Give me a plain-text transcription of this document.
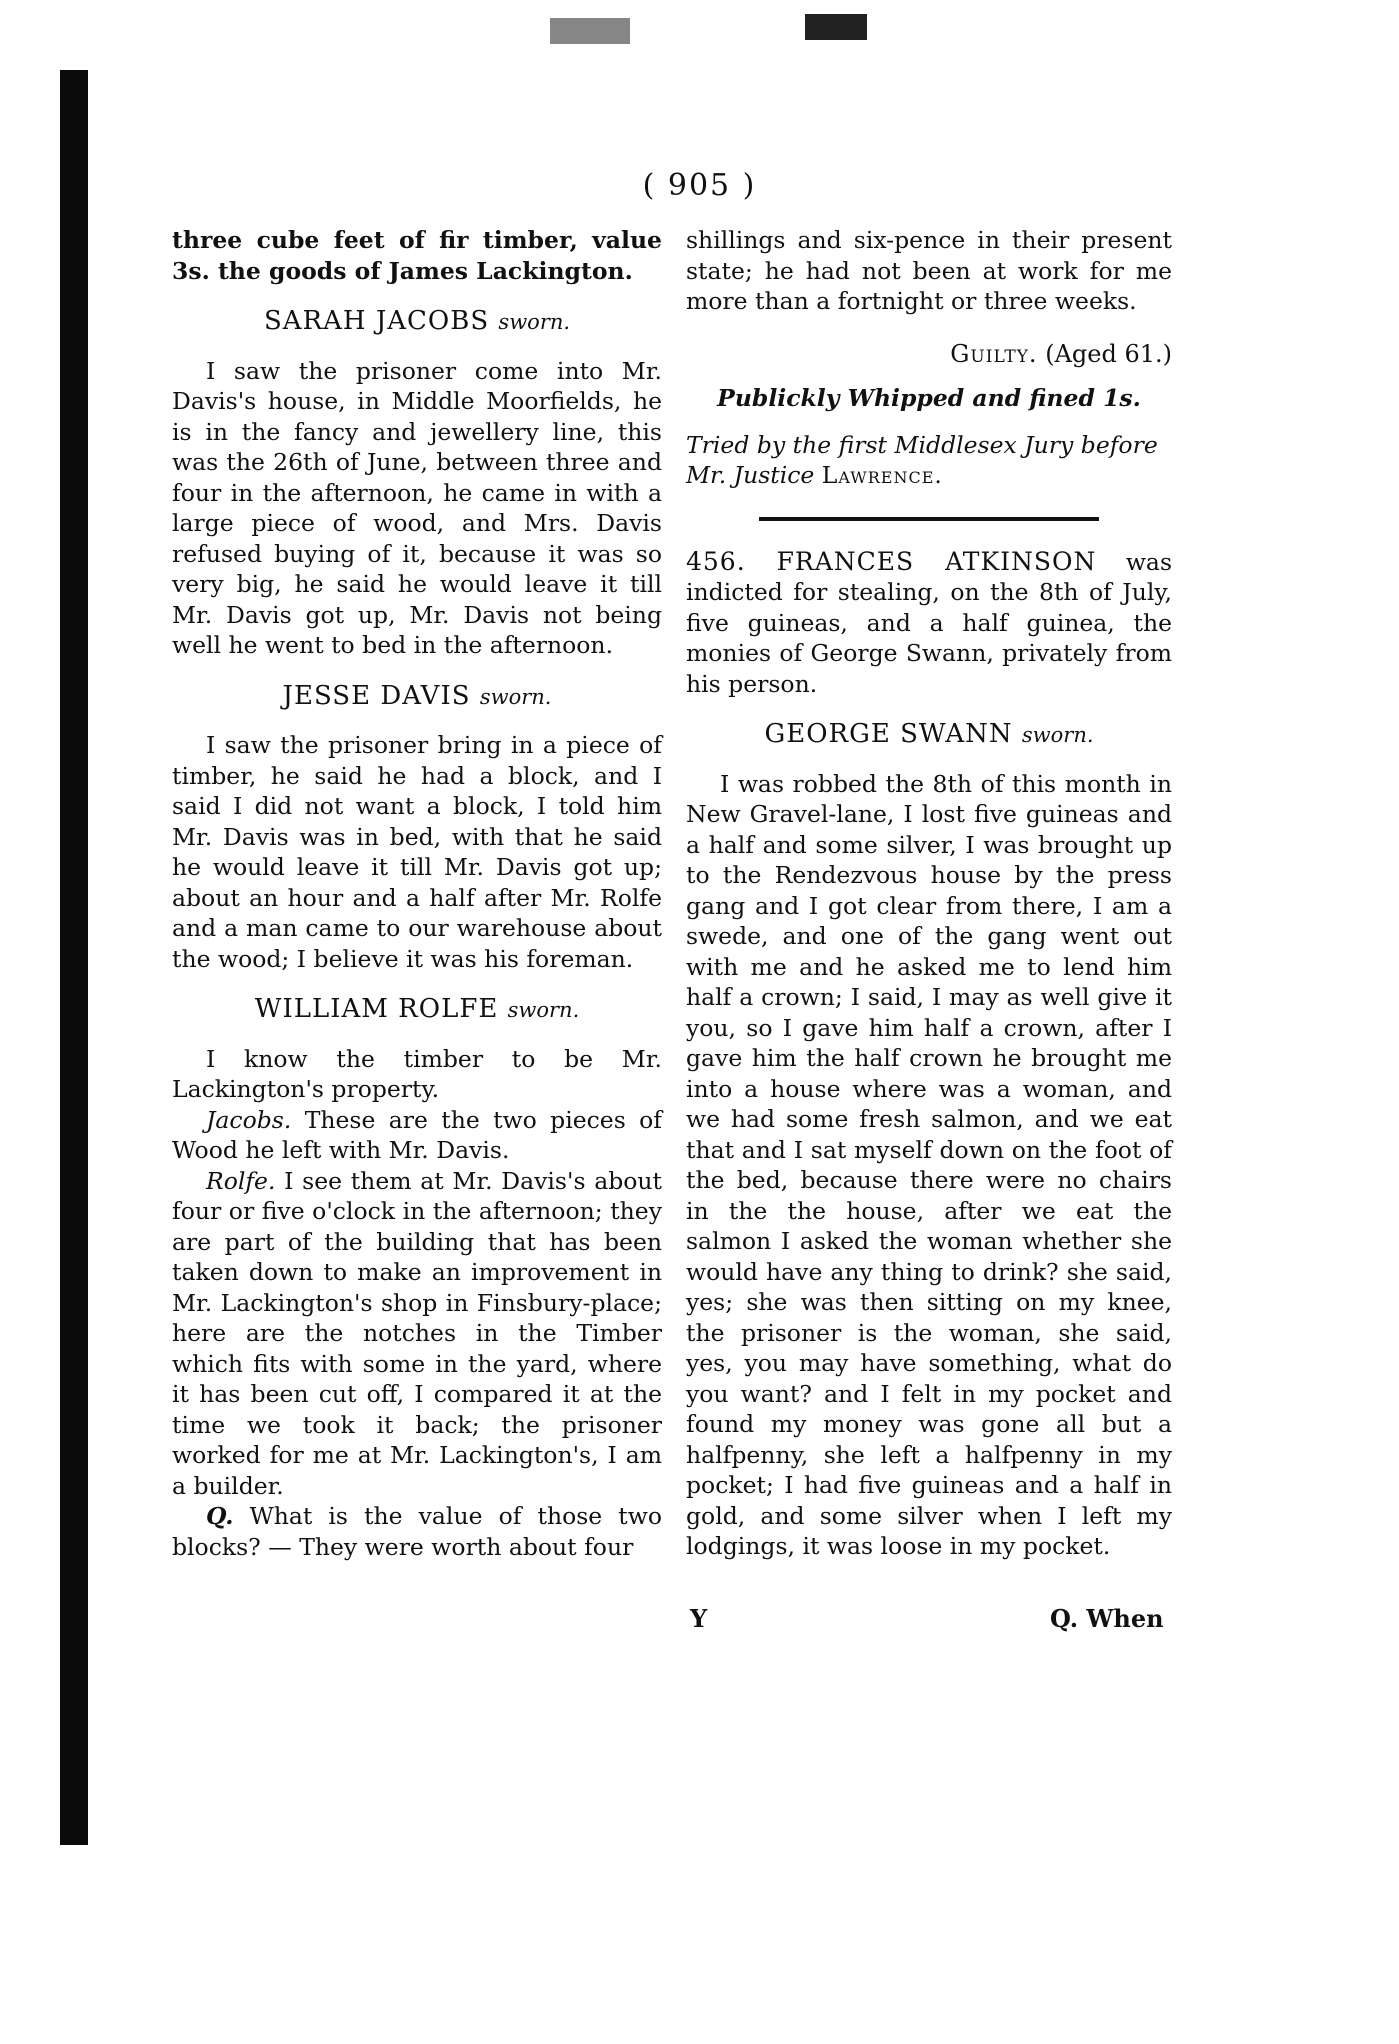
( 905 )

three cube feet of fir timber, value 3s. the goods of James Lackington.

SARAH JACOBS sworn.

I saw the prisoner come into Mr. Davis's house, in Middle Moorfields, he is in the fancy and jewellery line, this was the 26th of June, between three and four in the afternoon, he came in with a large piece of wood, and Mrs. Davis refused buying of it, because it was so very big, he said he would leave it till Mr. Davis got up, Mr. Davis not being well he went to bed in the afternoon.

JESSE DAVIS sworn.

I saw the prisoner bring in a piece of timber, he said he had a block, and I said I did not want a block, I told him Mr. Davis was in bed, with that he said he would leave it till Mr. Davis got up; about an hour and a half after Mr. Rolfe and a man came to our warehouse about the wood; I believe it was his foreman.

WILLIAM ROLFE sworn.

I know the timber to be Mr. Lackington's property.

Jacobs. These are the two pieces of Wood he left with Mr. Davis.

Rolfe. I see them at Mr. Davis's about four or five o'clock in the afternoon; they are part of the building that has been taken down to make an improvement in Mr. Lackington's shop in Finsbury-place; here are the notches in the Timber which fits with some in the yard, where it has been cut off, I compared it at the time we took it back; the prisoner worked for me at Mr. Lackington's, I am a builder.

Q. What is the value of those two blocks? — They were worth about four

shillings and six-pence in their present state; he had not been at work for me more than a fortnight or three weeks.

Guilty. (Aged 61.)
Publickly Whipped and fined 1s.

Tried by the first Middlesex Jury before

Mr. Justice Lawrence.

456. FRANCES ATKINSON was indicted for stealing, on the 8th of July, five guineas, and a half guinea, the monies of George Swann, privately from his person.

GEORGE SWANN sworn.

I was robbed the 8th of this month in New Gravel-lane, I lost five guineas and a half and some silver, I was brought up to the Rendezvous house by the press gang and I got clear from there, I am a swede, and one of the gang went out with me and he asked me to lend him half a crown; I said, I may as well give it you, so I gave him half a crown, after I gave him the half crown he brought me into a house where was a woman, and we had some fresh salmon, and we eat that and I sat myself down on the foot of the bed, because there were no chairs in the the house, after we eat the salmon I asked the woman whether she would have any thing to drink? she said, yes; she was then sitting on my knee, the prisoner is the woman, she said, yes, you may have something, what do you want? and I felt in my pocket and found my money was gone all but a halfpenny, she left a halfpenny in my pocket; I had five guineas and a half in gold, and some silver when I left my lodgings, it was loose in my pocket.

Y	Q. When
